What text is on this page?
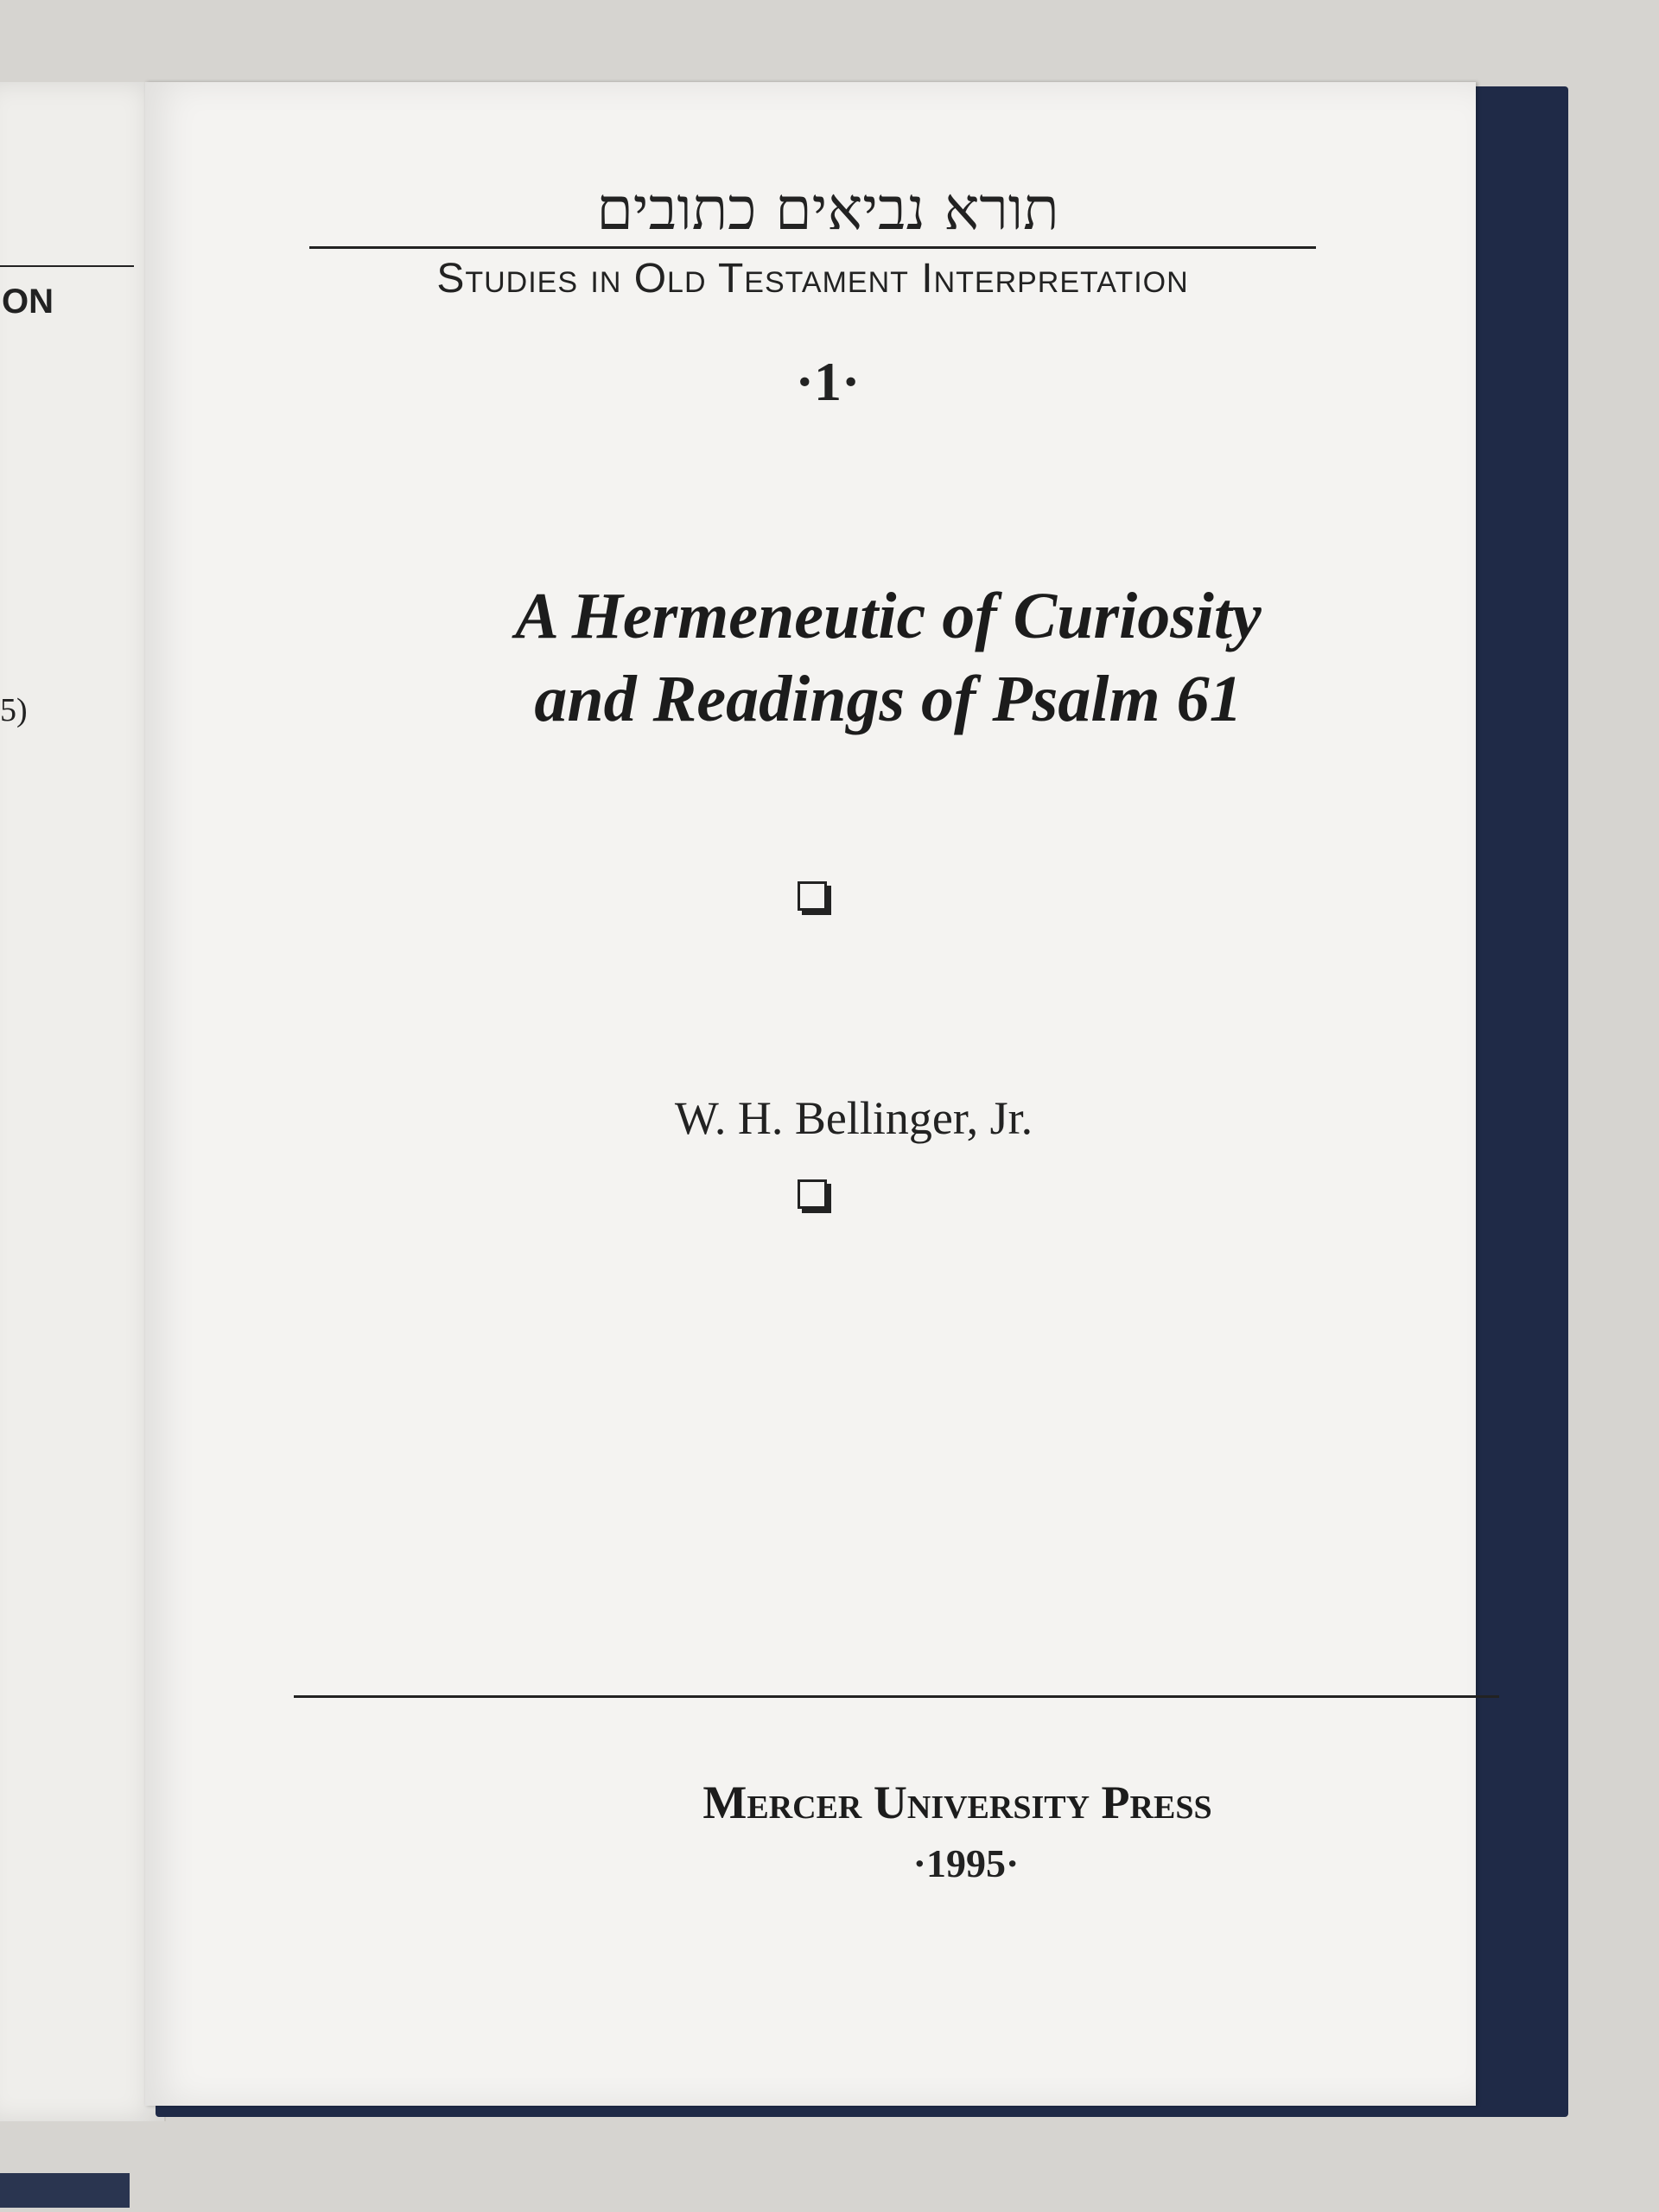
ON
5)
תורא נביאים כתובים
Studies in Old Testament Interpretation
·1·
A Hermeneutic of Curiosity
and Readings of Psalm 61
W. H. Bellinger, Jr.
Mercer University Press
·1995·
